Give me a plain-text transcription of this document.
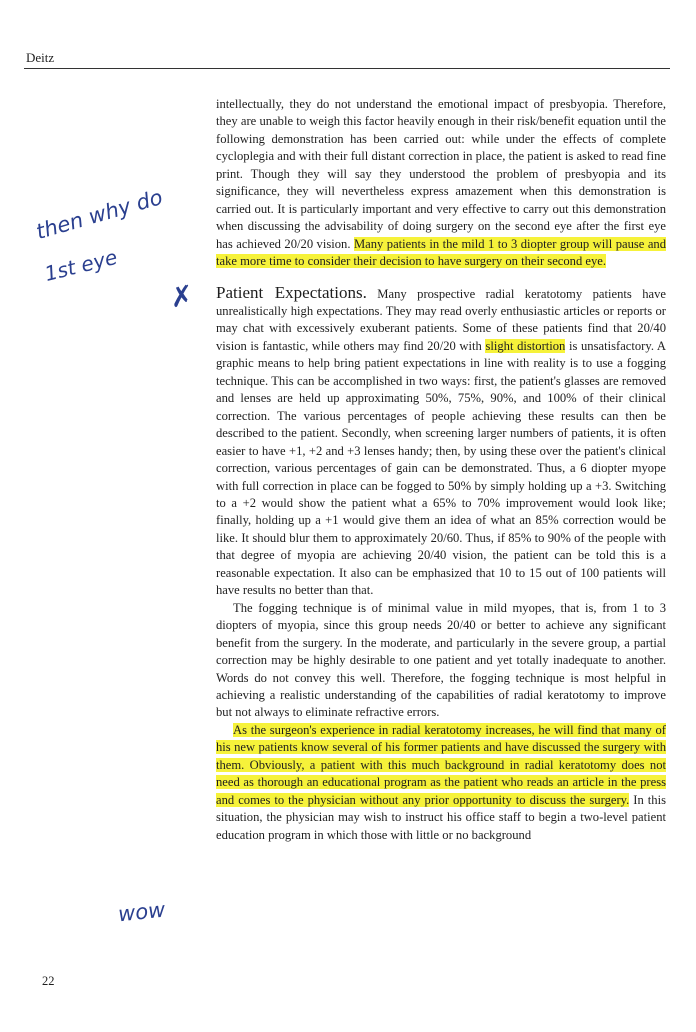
Deitz

intellectually, they do not understand the emotional impact of presbyopia. Therefore, they are unable to weigh this factor heavily enough in their risk/benefit equation until the following demonstration has been carried out: while under the effects of complete cycloplegia and with their full distant correction in place, the patient is asked to read fine print. Though they will say they understood the problem of presbyopia and its significance, they will nevertheless express amazement when this demonstration is carried out. It is particularly important and very effective to carry out this demonstration when discussing the advisability of doing surgery on the second eye after the first eye has achieved 20/20 vision. Many patients in the mild 1 to 3 diopter group will pause and take more time to consider their decision to have surgery on their second eye.

Patient Expectations. Many prospective radial keratotomy patients have unrealistically high expectations. They may read overly enthusiastic articles or reports or may chat with excessively exuberant patients. Some of these patients find that 20/40 vision is fantastic, while others may find 20/20 with slight distortion is unsatisfactory. A graphic means to help bring patient expectations in line with reality is to use a fogging technique. This can be accomplished in two ways: first, the patient's glasses are removed and lenses are held up approximating 50%, 75%, 90%, and 100% of their clinical correction. The various percentages of people achieving these results can then be described to the patient. Secondly, when screening larger numbers of patients, it is often easier to have +1, +2 and +3 lenses handy; then, by using these over the patient's clinical correction, various percentages of gain can be demonstrated. Thus, a 6 diopter myope with full correction in place can be fogged to 50% by simply holding up a +3. Switching to a +2 would show the patient what a 65% to 70% improvement would look like; finally, holding up a +1 would give them an idea of what an 85% correction would be like. It should blur them to approximately 20/60. Thus, if 85% to 90% of the people with that degree of myopia are achieving 20/40 vision, the patient can be told this is a reasonable expectation. It also can be emphasized that 10 to 15 out of 100 patients will have results no better than that.

The fogging technique is of minimal value in mild myopes, that is, from 1 to 3 diopters of myopia, since this group needs 20/40 or better to achieve any significant benefit from the surgery. In the moderate, and particularly in the severe group, a partial correction may be highly desirable to one patient and yet totally inadequate to another. Words do not convey this well. Therefore, the fogging technique is most helpful in achieving a realistic understanding of the capabilities of radial keratotomy to improve but not always to eliminate refractive errors.

As the surgeon's experience in radial keratotomy increases, he will find that many of his new patients know several of his former patients and have discussed the surgery with them. Obviously, a patient with this much background in radial keratotomy does not need as thorough an educational program as the patient who reads an article in the press and comes to the physician without any prior opportunity to discuss the surgery. In this situation, the physician may wish to instruct his office staff to begin a two-level patient education program in which those with little or no background

then why do
1st eye
✗
wow
22
